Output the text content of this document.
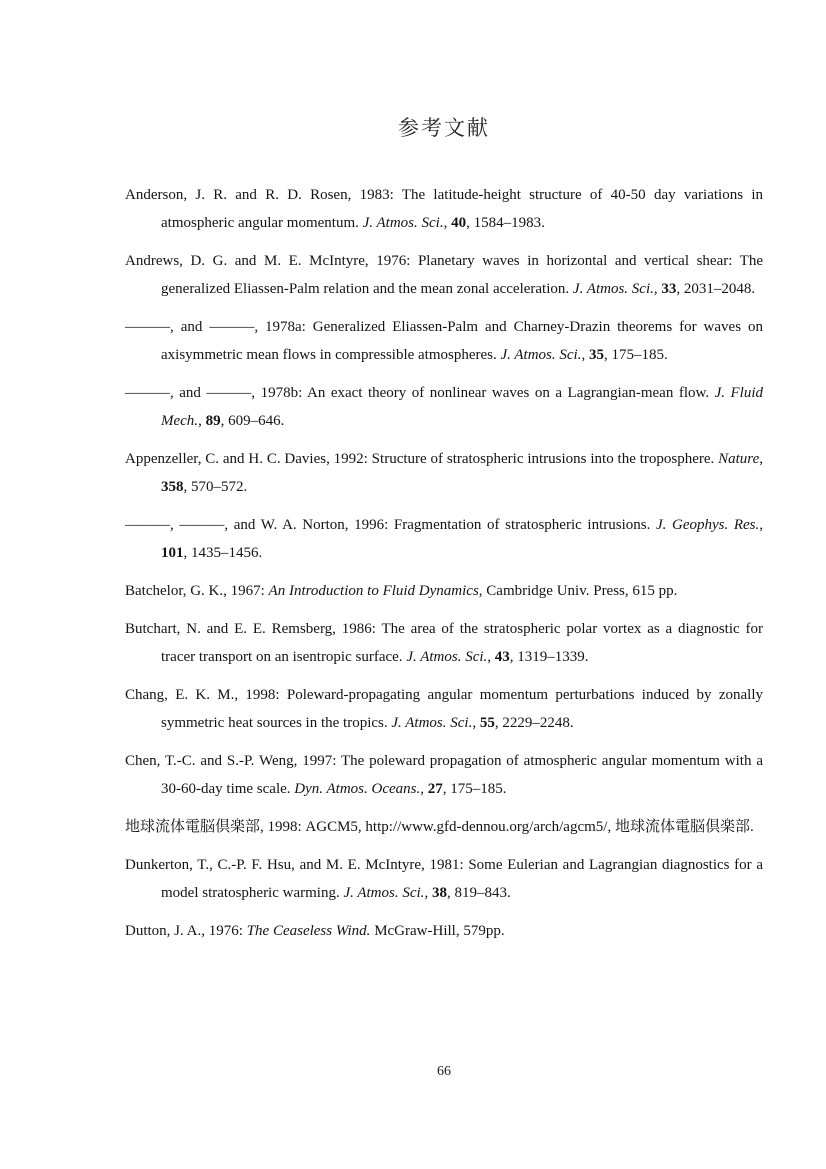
参考文献

Anderson, J. R. and R. D. Rosen, 1983: The latitude-height structure of 40-50 day variations in atmospheric angular momentum. J. Atmos. Sci., 40, 1584–1983.

Andrews, D. G. and M. E. McIntyre, 1976: Planetary waves in horizontal and vertical shear: The generalized Eliassen-Palm relation and the mean zonal acceleration. J. Atmos. Sci., 33, 2031–2048.

———, and ———, 1978a: Generalized Eliassen-Palm and Charney-Drazin theorems for waves on axisymmetric mean flows in compressible atmospheres. J. Atmos. Sci., 35, 175–185.

———, and ———, 1978b: An exact theory of nonlinear waves on a Lagrangian-mean flow. J. Fluid Mech., 89, 609–646.

Appenzeller, C. and H. C. Davies, 1992: Structure of stratospheric intrusions into the troposphere. Nature, 358, 570–572.

———, ———, and W. A. Norton, 1996: Fragmentation of stratospheric intrusions. J. Geophys. Res., 101, 1435–1456.

Batchelor, G. K., 1967: An Introduction to Fluid Dynamics, Cambridge Univ. Press, 615 pp.

Butchart, N. and E. E. Remsberg, 1986: The area of the stratospheric polar vortex as a diagnostic for tracer transport on an isentropic surface. J. Atmos. Sci., 43, 1319–1339.

Chang, E. K. M., 1998: Poleward-propagating angular momentum perturbations induced by zonally symmetric heat sources in the tropics. J. Atmos. Sci., 55, 2229–2248.

Chen, T.-C. and S.-P. Weng, 1997: The poleward propagation of atmospheric angular momentum with a 30-60-day time scale. Dyn. Atmos. Oceans., 27, 175–185.

地球流体電脳倶楽部, 1998: AGCM5, http://www.gfd-dennou.org/arch/agcm5/, 地球流体電脳倶楽部.

Dunkerton, T., C.-P. F. Hsu, and M. E. McIntyre, 1981: Some Eulerian and Lagrangian diagnostics for a model stratospheric warming. J. Atmos. Sci., 38, 819–843.

Dutton, J. A., 1976: The Ceaseless Wind. McGraw-Hill, 579pp.

66
